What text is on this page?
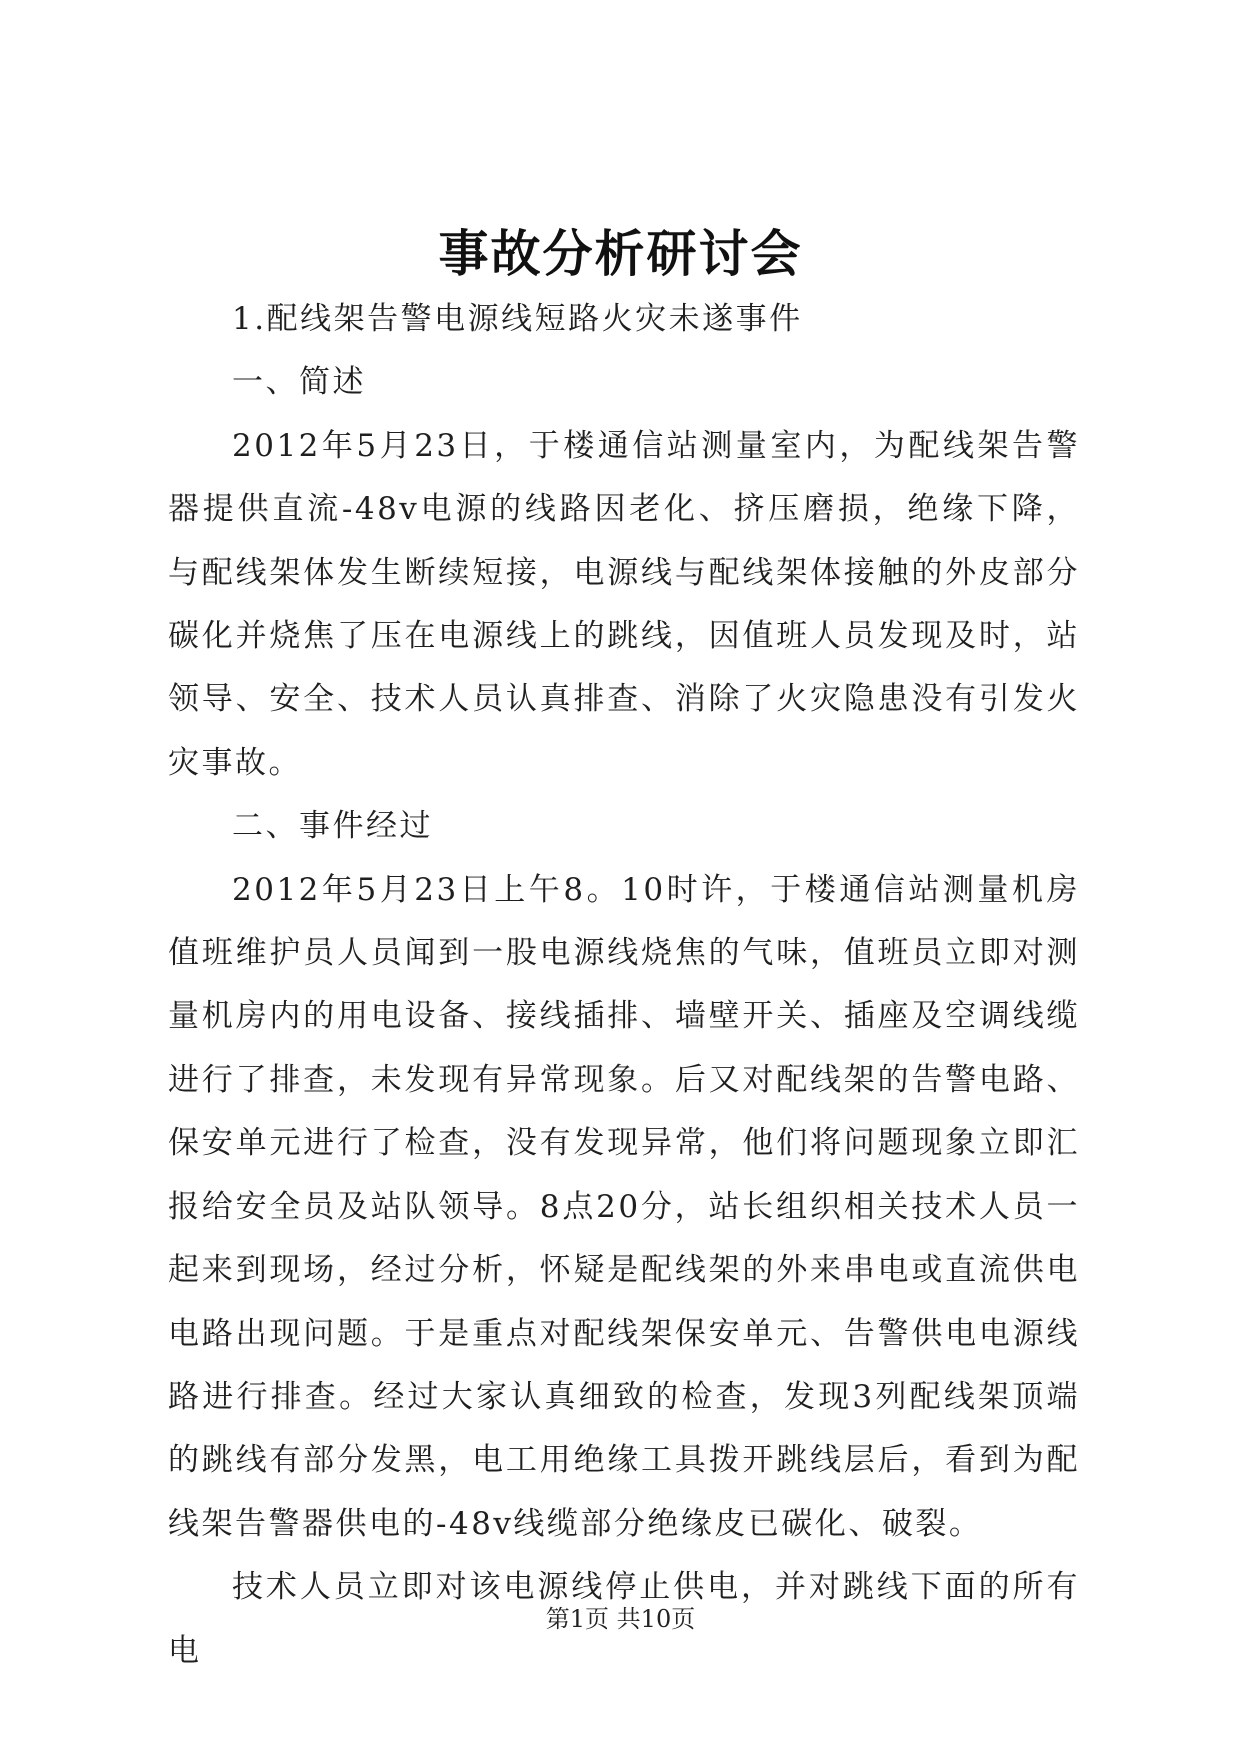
事故分析研讨会

1.配线架告警电源线短路火灾未遂事件

一、简述

2012年5月23日，于楼通信站测量室内，为配线架告警器提供直流-48v电源的线路因老化、挤压磨损，绝缘下降，与配线架体发生断续短接，电源线与配线架体接触的外皮部分碳化并烧焦了压在电源线上的跳线，因值班人员发现及时，站领导、安全、技术人员认真排查、消除了火灾隐患没有引发火灾事故。

二、事件经过

2012年5月23日上午8。10时许，于楼通信站测量机房值班维护员人员闻到一股电源线烧焦的气味，值班员立即对测量机房内的用电设备、接线插排、墙壁开关、插座及空调线缆进行了排查，未发现有异常现象。后又对配线架的告警电路、保安单元进行了检查，没有发现异常，他们将问题现象立即汇报给安全员及站队领导。8点20分，站长组织相关技术人员一起来到现场，经过分析，怀疑是配线架的外来串电或直流供电电路出现问题。于是重点对配线架保安单元、告警供电电源线路进行排查。经过大家认真细致的检查，发现3列配线架顶端的跳线有部分发黑，电工用绝缘工具拨开跳线层后，看到为配线架告警器供电的-48v线缆部分绝缘皮已碳化、破裂。

技术人员立即对该电源线停止供电，并对跳线下面的所有电

第1页 共10页
